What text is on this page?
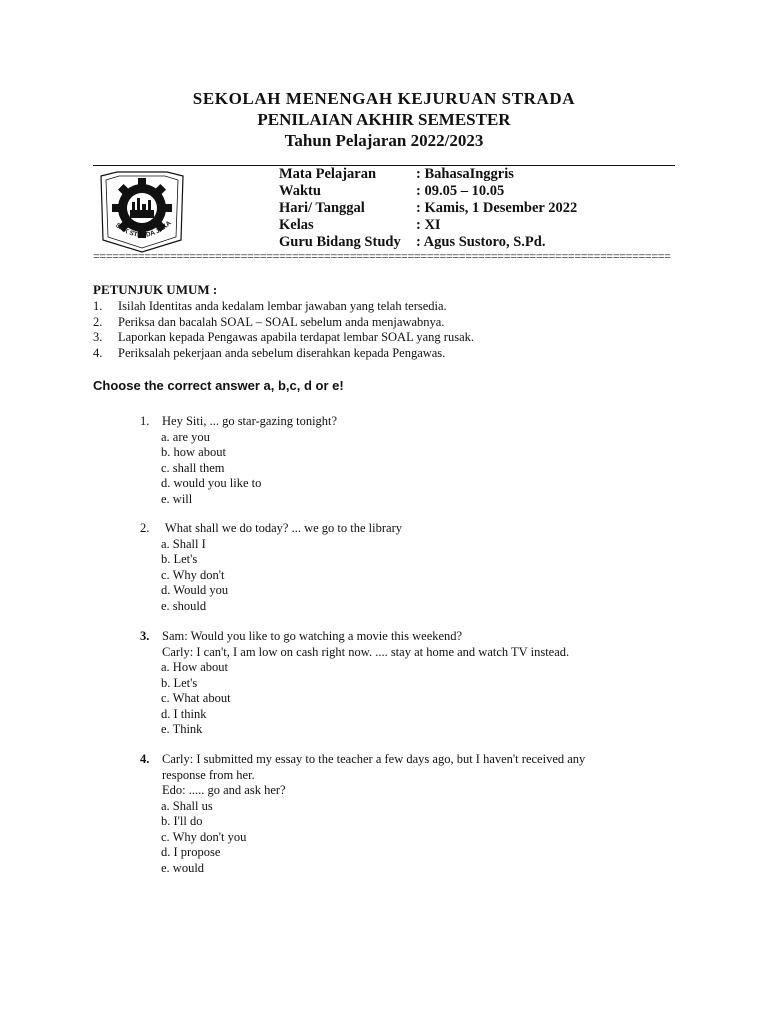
SEKOLAH MENENGAH KEJURUAN STRADA
PENILAIAN AKHIR SEMESTER
Tahun Pelajaran 2022/2023
SMK STRADA JAKA
Mata Pelajaran	: BahasaInggris
Waktu	: 09.05 – 10.05
Hari/ Tanggal	: Kamis, 1 Desember 2022
Kelas	: XI
Guru Bidang Study : Agus Sustoro, S.Pd.
==========================================================================================
PETUNJUK UMUM :
1. Isilah Identitas anda kedalam lembar jawaban yang telah tersedia.
2. Periksa dan bacalah SOAL – SOAL sebelum anda menjawabnya.
3. Laporkan kepada Pengawas apabila terdapat lembar SOAL yang rusak.
4. Periksalah pekerjaan anda sebelum diserahkan kepada Pengawas.
Choose the correct answer a, b,c, d or e!
1. Hey Siti, ... go star-gazing tonight?
a. are you
b. how about
c. shall them
d. would you like to
e. will
2. What shall we do today? ... we go to the library
a. Shall I
b. Let's
c. Why don't
d. Would you
e. should
3. Sam: Would you like to go watching a movie this weekend?
Carly: I can't, I am low on cash right now. .... stay at home and watch TV instead.
a. How about
b. Let's
c. What about
d. I think
e. Think
4. Carly: I submitted my essay to the teacher a few days ago, but I haven't received any
response from her.
Edo: ..... go and ask her?
a. Shall us
b. I'll do
c. Why don't you
d. I propose
e. would
